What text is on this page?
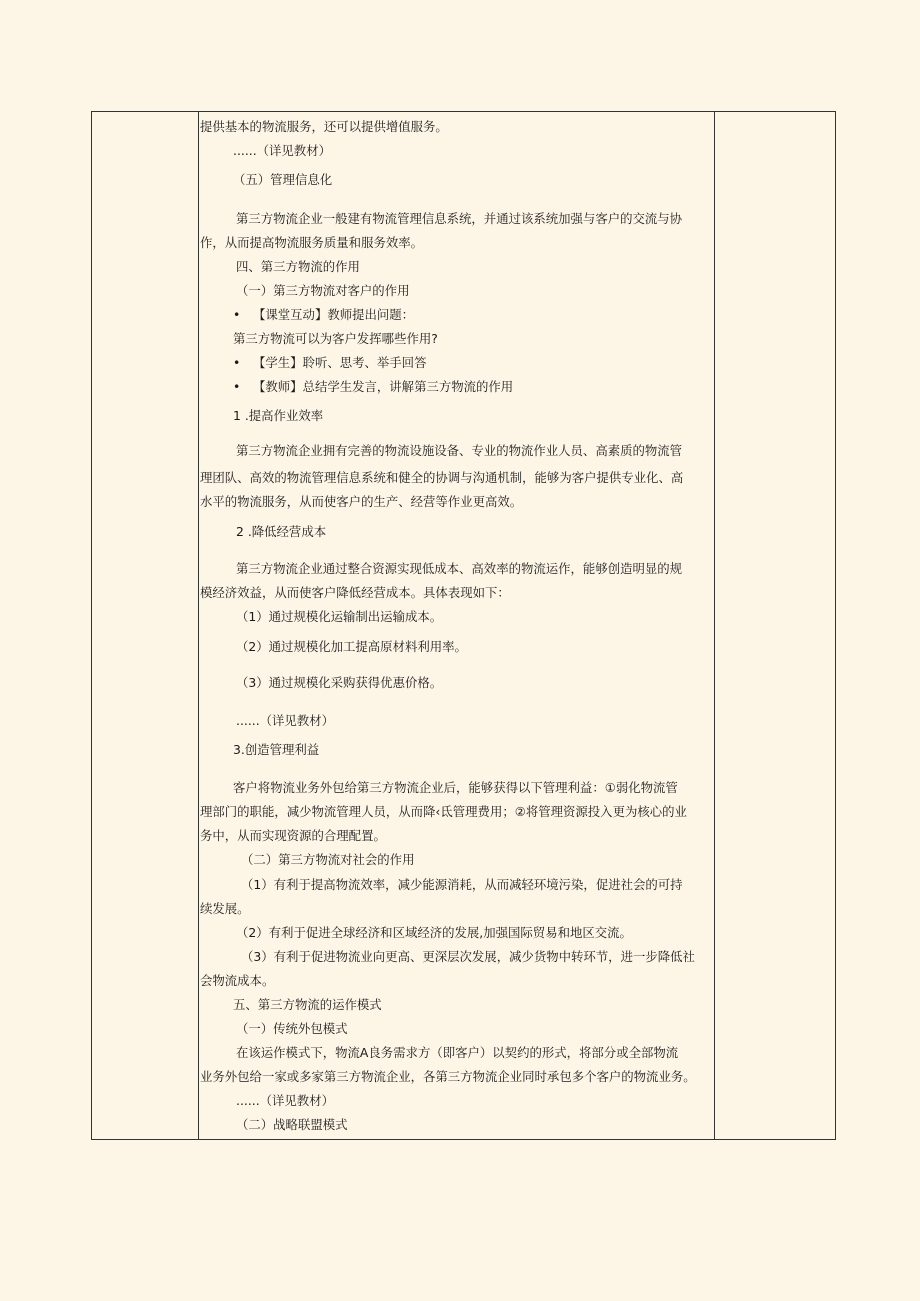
提供基本的物流服务，还可以提供增值服务。
......（详见教材）
（五）管理信息化
第三方物流企业一般建有物流管理信息系统，并通过该系统加强与客户的交流与协
作，从而提高物流服务质量和服务效率。
四、第三方物流的作用
（一）第三方物流对客户的作用
• 【课堂互动】教师提出问题：
第三方物流可以为客户发挥哪些作用?
• 【学生】聆听、思考、举手回答
• 【教师】总结学生发言，讲解第三方物流的作用
1 .提高作业效率
第三方物流企业拥有完善的物流设施设备、专业的物流作业人员、高素质的物流管
理团队、高效的物流管理信息系统和健全的协调与沟通机制，能够为客户提供专业化、高
水平的物流服务，从而使客户的生产、经营等作业更高效。
2 .降低经营成本
第三方物流企业通过整合资源实现低成本、高效率的物流运作，能够创造明显的规
模经济效益，从而使客户降低经营成本。具体表现如下：
（1）通过规模化运输制出运输成本。
（2）通过规模化加工提高原材料利用率。
（3）通过规模化采购获得优惠价格。
......（详见教材）
3.创造管理利益
客户将物流业务外包给第三方物流企业后，能够获得以下管理利益：①弱化物流管
理部门的职能，减少物流管理人员，从而降‹氐管理费用；②将管理资源投入更为核心的业
务中，从而实现资源的合理配置。
（二）第三方物流对社会的作用
（1）有利于提高物流效率，减少能源消耗，从而减轻环境污染，促进社会的可持
续发展。
（2）有利于促进全球经济和区域经济的发展,加强国际贸易和地区交流。
（3）有利于促进物流业向更高、更深层次发展，减少货物中转环节，进一步降低社
会物流成本。
五、第三方物流的运作模式
（一）传统外包模式
在该运作模式下，物流A良务需求方（即客户）以契约的形式，将部分或全部物流
业务外包给一家或多家第三方物流企业，各第三方物流企业同时承包多个客户的物流业务。
......（详见教材）
（二）战略联盟模式
